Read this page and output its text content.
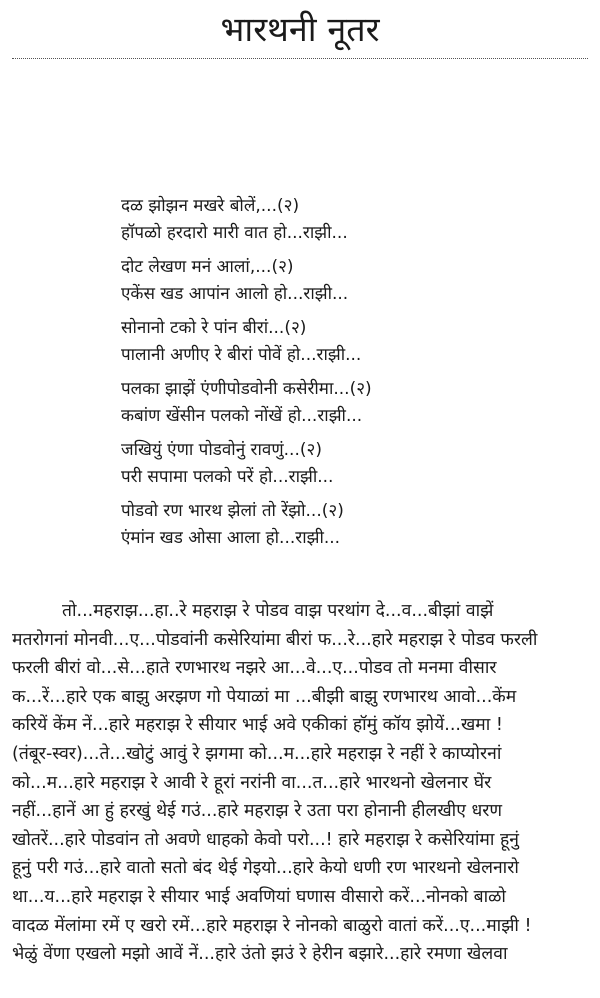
भारथनी नूतर
दळ झोझन मखरे बोलें,...(२)
हॉपळो हरदारो मारी वात हो...राझी...
दोट लेखण मनं आलां,...(२)
एकेंस खड आपांन आलो हो...राझी...
सोनानो टको रे पांन बीरां...(२)
पालानी अणीए रे बीरां पोवें हो...राझी...
पलका झाझें एंणीपोडवोनी कसेरीमा...(२)
कबांण खेंसीन पलको नोंखें हो...राझी...
जखियुं एंणा पोडवोनुं रावणुं...(२)
परी सपामा पलको परें हो...राझी...
पोडवो रण भारथ झेलां तो रेंझो...(२)
एंमांन खड ओसा आला हो...राझी...
तो...महराझ...हा..रे महराझ रे पोडव वाझ परथांग दे...व...बीझां वाझें
मतरोगनां मोनवी...ए...पोडवांनी कसेरियांमा बीरां फ...रे...हारे महराझ रे पोडव फरली
फरली बीरां वो...से...हाते रणभारथ नझरे आ...वे...ए...पोडव तो मनमा वीसार
क...रें...हारे एक बाझु अरझण गो पेयाळां मा ...बीझी बाझु रणभारथ आवो...केंम
करियें केंम नें...हारे महराझ रे सीयार भाई अवे एकीकां हॉमुं कॉय झोयें...खमा !
(तंबूर-स्वर)...ते...खोटुं आवुं रे झगमा को...म...हारे महराझ रे नहीं रे काप्योरनां
को...म...हारे महराझ रे आवी रे हूरां नरांनी वा...त...हारे भारथनो खेलनार घेंर
नहीं...हानें आ हुं हरखुं थेई गउं...हारे महराझ रे उता परा होनानी हीलखीए धरण
खोतरें...हारे पोडवांन तो अवणे धाहको केवो परो...! हारे महराझ रे कसेरियांमा हूनुं
हूनुं परी गउं...हारे वातो सतो बंद थेई गेइयो...हारे केयो धणी रण भारथनो खेलनारो
था...य...हारे महराझ रे सीयार भाई अवणियां घणास वीसारो करें...नोनको बाळो
वादळ मेंलांमा रमें ए खरो रमें...हारे महराझ रे नोनको बाळुरो वातां करें...ए...माझी !
भेळुं वेंणा एखलो मझो आवें नें...हारे उंतो झउं रे हेरीन बझारे...हारे रमणा खेलवा
